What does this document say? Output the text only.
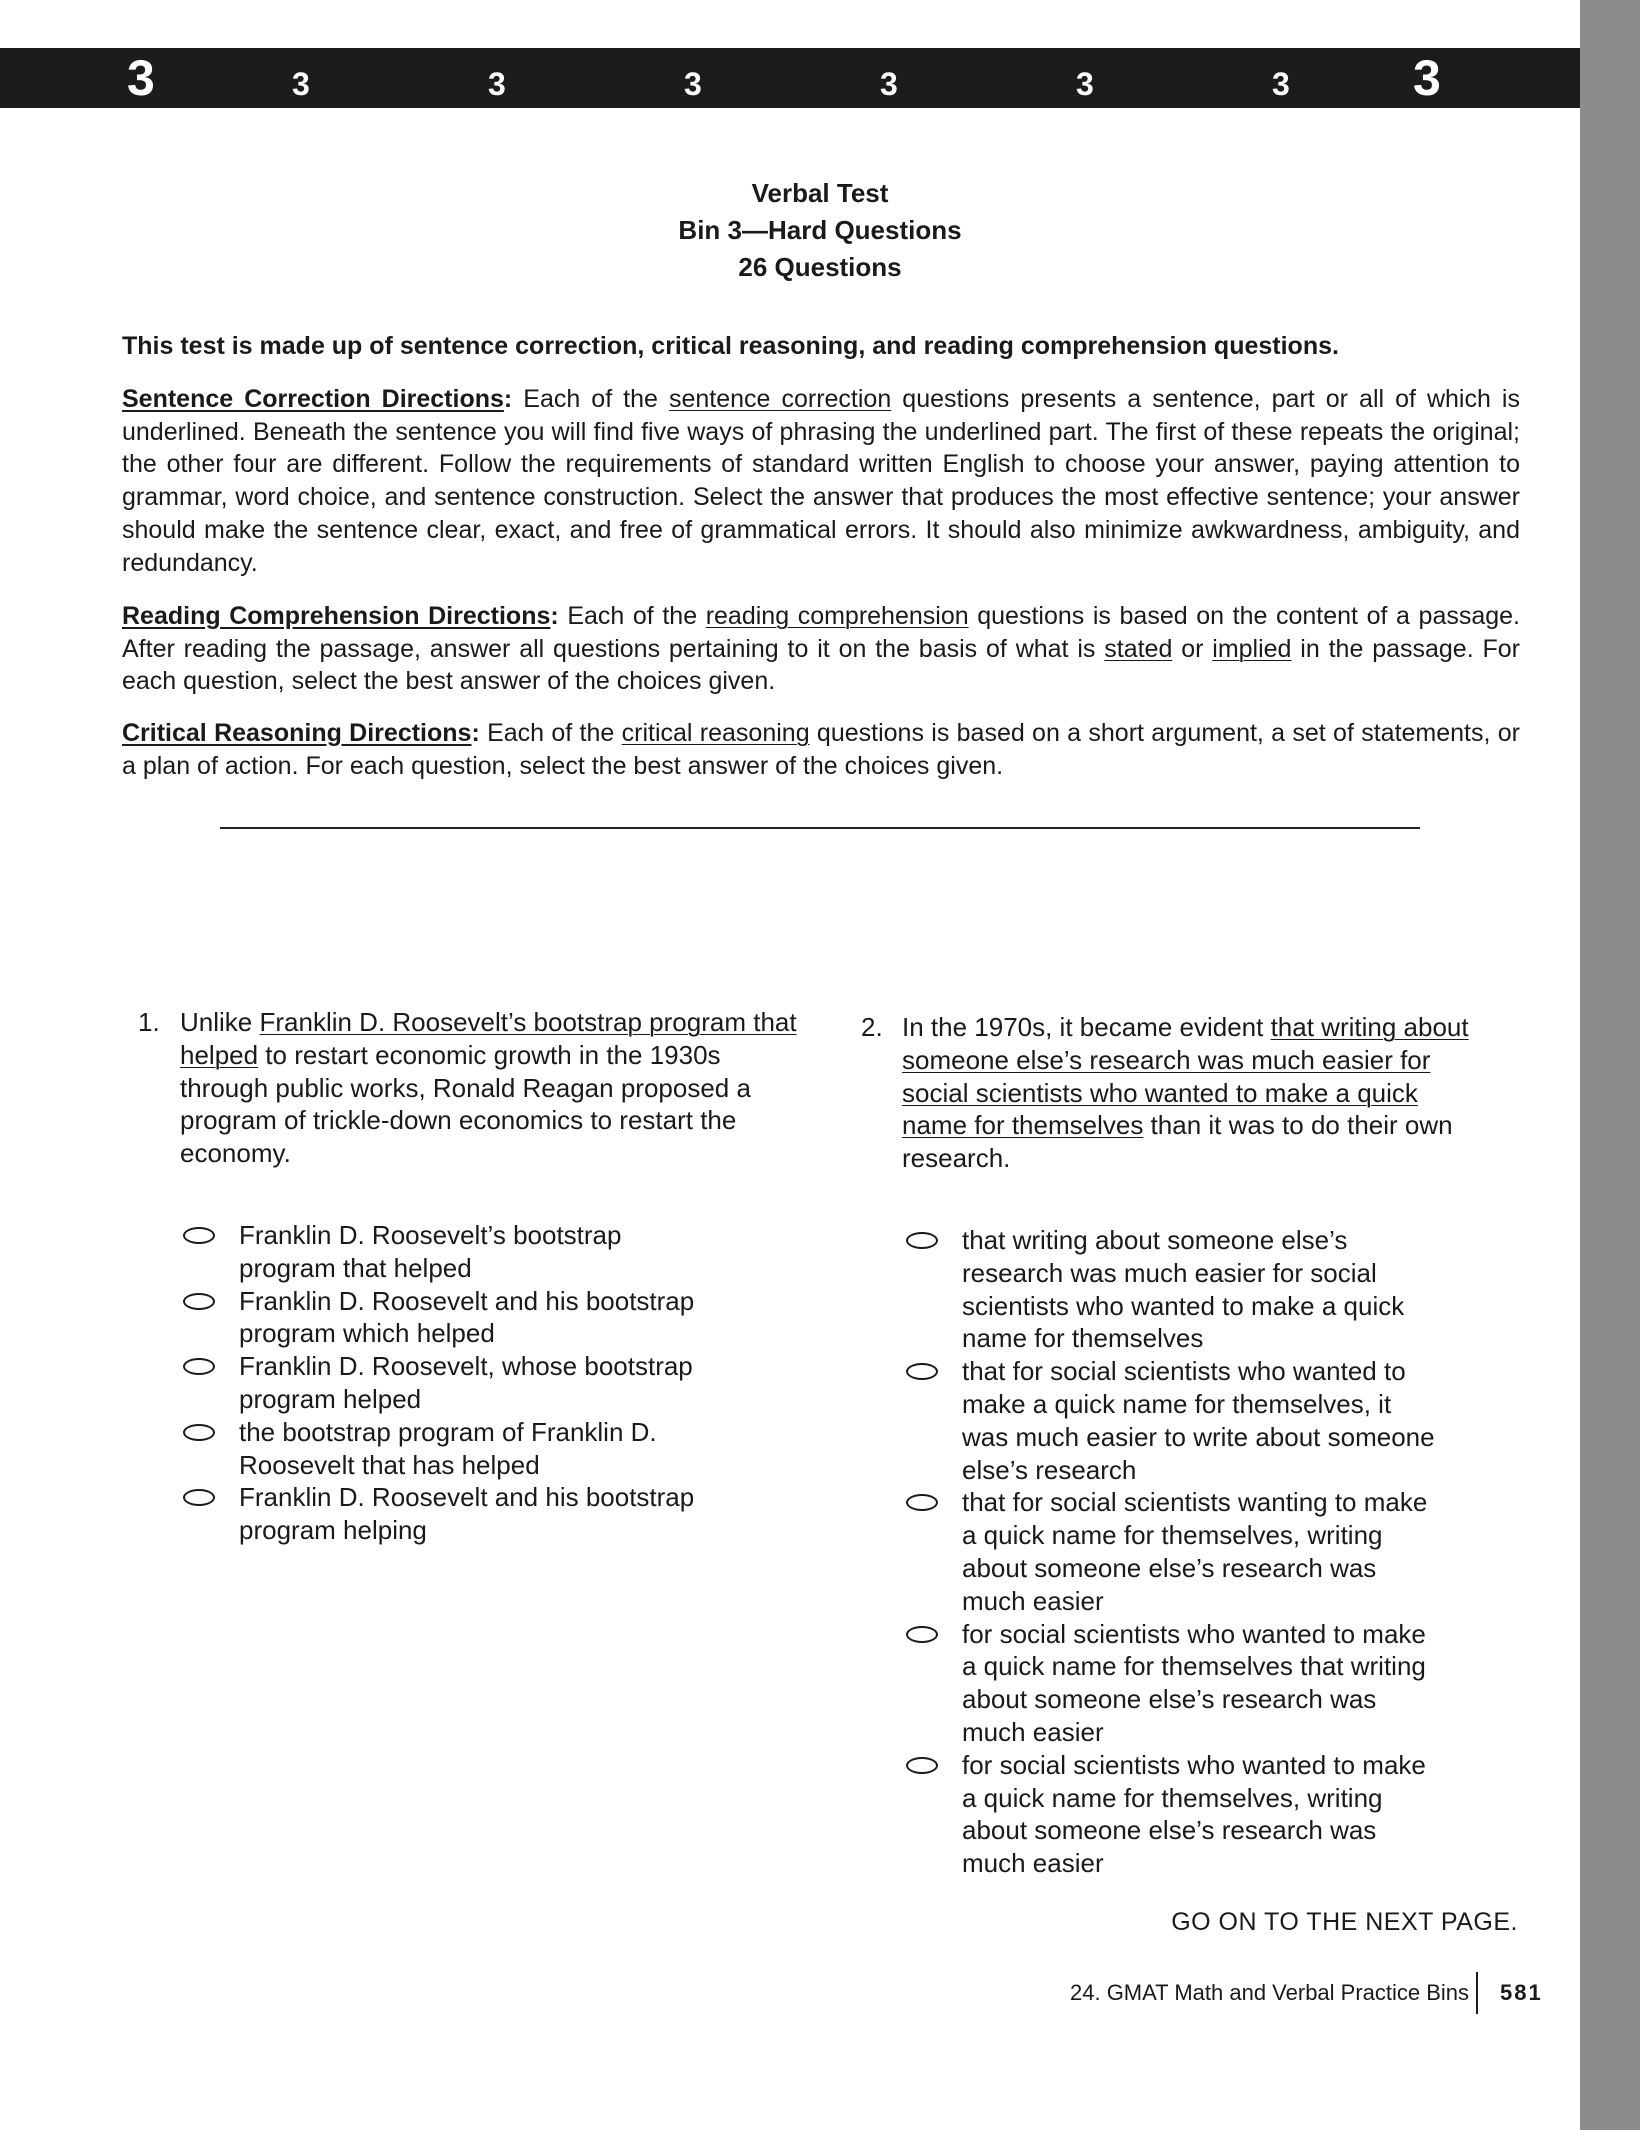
3	3	3	3	3	3	3 3
Verbal Test
Bin 3—Hard Questions
26 Questions
This test is made up of sentence correction, critical reasoning, and reading comprehension questions.
Sentence Correction Directions: Each of the sentence correction questions presents a sentence, part or all of which is underlined. Beneath the sentence you will find five ways of phrasing the underlined part. The first of these repeats the original; the other four are different. Follow the requirements of standard written English to choose your answer, paying attention to grammar, word choice, and sentence construction. Select the answer that produces the most effective sentence; your answer should make the sentence clear, exact, and free of grammatical errors. It should also minimize awkwardness, ambiguity, and redundancy.
Reading Comprehension Directions: Each of the reading comprehension questions is based on the content of a passage. After reading the passage, answer all questions pertaining to it on the basis of what is stated or implied in the passage. For each question, select the best answer of the choices given.
Critical Reasoning Directions: Each of the critical reasoning questions is based on a short argument, a set of statements, or a plan of action. For each question, select the best answer of the choices given.
1. Unlike Franklin D. Roosevelt’s bootstrap program that helped to restart economic growth in the 1930s through public works, Ronald Reagan proposed a program of trickle-down economics to restart the economy.
Franklin D. Roosevelt’s bootstrap program that helped
Franklin D. Roosevelt and his bootstrap program which helped
Franklin D. Roosevelt, whose bootstrap program helped
the bootstrap program of Franklin D. Roosevelt that has helped
Franklin D. Roosevelt and his bootstrap program helping
2. In the 1970s, it became evident that writing about someone else’s research was much easier for social scientists who wanted to make a quick name for themselves than it was to do their own research.
that writing about someone else’s research was much easier for social scientists who wanted to make a quick name for themselves
that for social scientists who wanted to make a quick name for themselves, it was much easier to write about someone else’s research
that for social scientists wanting to make a quick name for themselves, writing about someone else’s research was much easier
for social scientists who wanted to make a quick name for themselves that writing about someone else’s research was much easier
for social scientists who wanted to make a quick name for themselves, writing about someone else’s research was much easier
GO ON TO THE NEXT PAGE.
24. GMAT Math and Verbal Practice Bins 581
